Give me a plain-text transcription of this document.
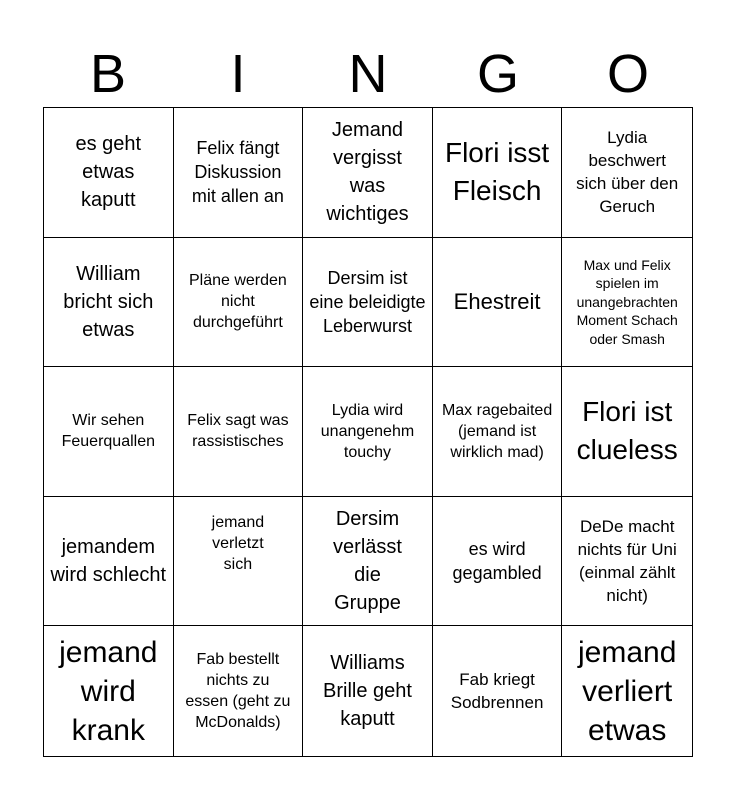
B	I	N	G	O
es geht etwas kaputt
Felix fängt Diskussion mit allen an
Jemand vergisst was wichtiges
Flori isst Fleisch
Lydia beschwert sich über den Geruch
William bricht sich etwas
Pläne werden nicht durchgeführt
Dersim ist eine beleidigte Leberwurst
Ehestreit
Max und Felix spielen im unangebrachten Moment Schach oder Smash
Wir sehen Feuerquallen
Felix sagt was rassistisches
Lydia wird unangenehm touchy
Max ragebaited (jemand ist wirklich mad)
Flori ist clueless
jemandem wird schlecht
jemand verletzt sich
Dersim verlässt die Gruppe
es wird gegambled
DeDe macht nichts für Uni (einmal zählt nicht)
jemand wird krank
Fab bestellt nichts zu essen (geht zu McDonalds)
Williams Brille geht kaputt
Fab kriegt Sodbrennen
jemand verliert etwas
